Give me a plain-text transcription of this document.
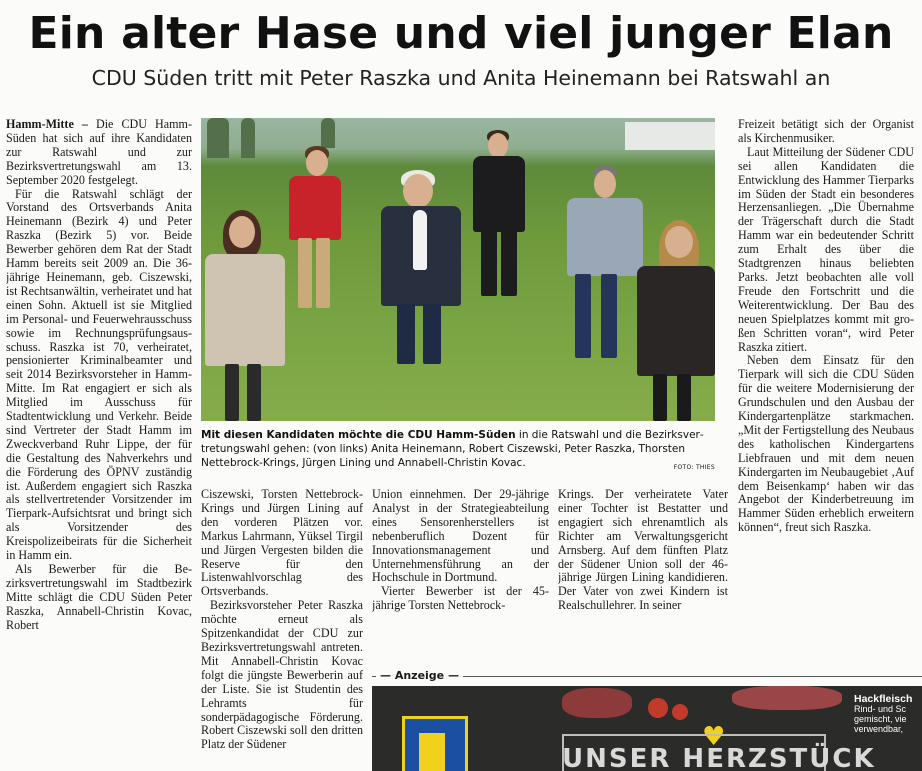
Ein alter Hase und viel junger Elan
CDU Süden tritt mit Peter Raszka und Anita Heinemann bei Ratswahl an

Hamm-Mitte – Die CDU Hamm-Süden hat sich auf ihre Kandidaten zur Ratswahl und zur Bezirksvertretungswahl am 13. September 2020 festgelegt.

Für die Ratswahl schlägt der Vorstand des Ortsverbands Anita Heinemann (Bezirk 4) und Peter Raszka (Bezirk 5) vor. Beide Bewerber gehören dem Rat der Stadt Hamm bereits seit 2009 an. Die 36-jährige Heinemann, geb. Ciszewski, ist Rechtsanwältin, verheiratet und hat einen Sohn. Aktuell ist sie Mitglied im Personal- und Feuerwehrausschuss sowie im Rechnungsprüfungsausschuss. Raszka ist 70, verheiratet, pensionierter Kriminalbeamter und seit 2014 Bezirksvorsteher in Hamm-Mitte. Im Rat engagiert er sich als Mitglied im Ausschuss für Stadtentwicklung und Verkehr. Beide sind Vertreter der Stadt Hamm im Zweckverband Ruhr Lippe, der für die Gestaltung des Nahverkehrs und die Förderung des ÖPNV zuständig ist. Außerdem engagiert sich Raszka als stellvertretender Vorsitzender im Tierpark-Aufsichtsrat und bringt sich als Vorsitzender des Kreispolizeibeirats für die Sicherheit in Hamm ein.

Als Bewerber für die Bezirksvertretungswahl im Stadtbezirk Mitte schlägt die CDU Süden Peter Raszka, Annabell-Christin Kovac, Robert

Mit diesen Kandidaten möchte die CDU Hamm-Süden in die Ratswahl und die Bezirksvertretungswahl gehen: (von links) Anita Heinemann, Robert Ciszewski, Peter Raszka, Thorsten Nettebrock-Krings, Jürgen Lining und Annabell-Christin Kovac.	FOTO: THIES

Ciszewski, Torsten Nettebrock-Krings und Jürgen Lining auf den vorderen Plätzen vor. Markus Lahrmann, Yüksel Tirgil und Jürgen Vergesten bilden die Reserve für den Listenwahlvorschlag des Ortsverbands.

Bezirksvorsteher Peter Raszka möchte erneut als Spitzenkandidat der CDU zur Bezirksvertretungswahl antreten. Mit Annabell-Christin Kovac folgt die jüngste Bewerberin auf der Liste. Sie ist Studentin des Lehramts für sonderpädagogische Förderung. Robert Ciszewski soll den dritten Platz der Südener

Union einnehmen. Der 29-jährige Analyst in der Strategieabteilung eines Sensorenherstellers ist nebenberuflich Dozent für Innovationsmanagement und Unternehmensführung an der Hochschule in Dortmund.

Vierter Bewerber ist der 45-jährige Torsten Nettebrock-

Krings. Der verheiratete Vater einer Tochter ist Bestatter und engagiert sich ehrenamtlich als Richter am Verwaltungsgericht Arnsberg. Auf dem fünften Platz der Südener Union soll der 46-jährige Jürgen Lining kandidieren. Der Vater von zwei Kindern ist Realschullehrer. In seiner

Freizeit betätigt sich der Organist als Kirchenmusiker.

Laut Mitteilung der Südener CDU sei allen Kandidaten die Entwicklung des Hammer Tierparks im Süden der Stadt ein besonderes Herzensanliegen. „Die Übernahme der Trägerschaft durch die Stadt Hamm war ein bedeutender Schritt zum Erhalt des über die Stadtgrenzen hinaus beliebten Parks. Jetzt beobachten alle voll Freude den Fortschritt und die Weiterentwicklung. Der Bau des neuen Spielplatzes kommt mit großen Schritten voran“, wird Peter Raszka zitiert.

Neben dem Einsatz für den Tierpark will sich die CDU Süden für die weitere Modernisierung der Grundschulen und den Ausbau der Kindergartenplätze starkmachen. „Mit der Fertigstellung des Neubaus des katholischen Kindergartens Liebfrauen und mit dem neuen Kindergarten im Neubaugebiet ‚Auf dem Beisenkamp‘ haben wir das Angebot der Kinderbetreuung im Hammer Süden erheblich erweitern können“, freut sich Raszka.

— Anzeige —
♥
UNSER HERZSTÜCK
Hackfleisch
Rind- und Sc gemischt, vie verwendbar,
